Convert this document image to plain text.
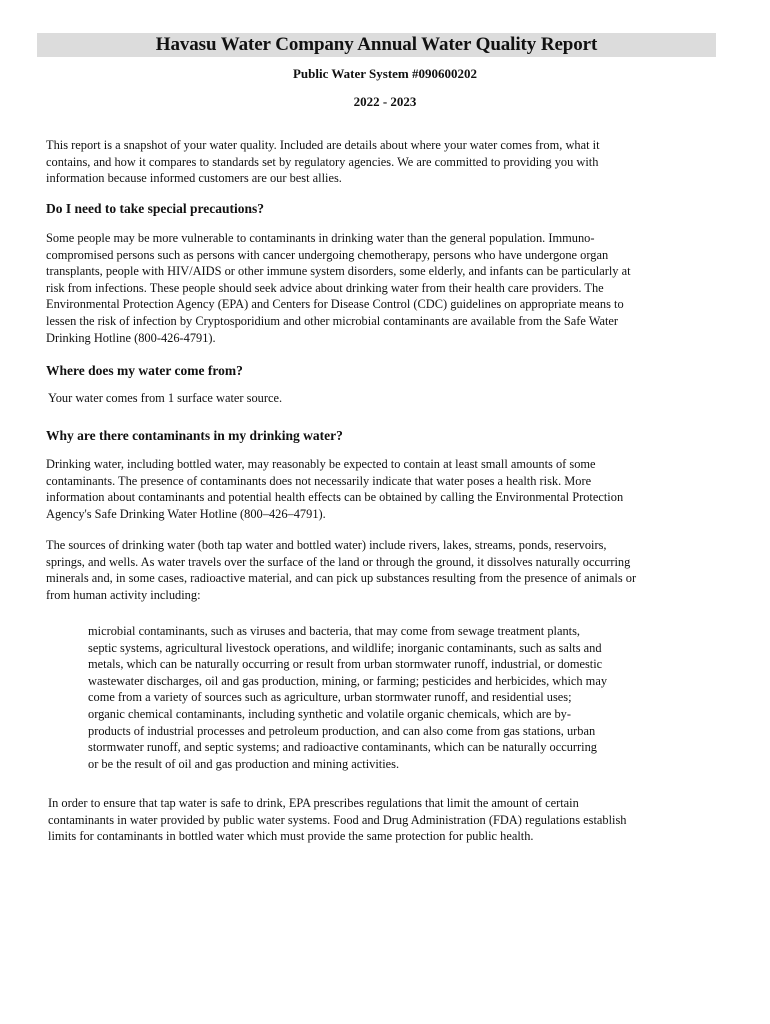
Havasu Water Company Annual Water Quality Report
Public Water System #090600202
2022 - 2023
This report is a snapshot of your water quality. Included are details about where your water comes from, what it
contains, and how it compares to standards set by regulatory agencies. We are committed to providing you with
information because informed customers are our best allies.
Do I need to take special precautions?
Some people may be more vulnerable to contaminants in drinking water than the general population. Immuno-
compromised persons such as persons with cancer undergoing chemotherapy, persons who have undergone organ
transplants, people with HIV/AIDS or other immune system disorders, some elderly, and infants can be particularly at
risk from infections. These people should seek advice about drinking water from their health care providers. The
Environmental Protection Agency (EPA) and Centers for Disease Control (CDC) guidelines on appropriate means to
lessen the risk of infection by Cryptosporidium and other microbial contaminants are available from the Safe Water
Drinking Hotline (800-426-4791).
Where does my water come from?
Your water comes from 1 surface water source.
Why are there contaminants in my drinking water?
Drinking water, including bottled water, may reasonably be expected to contain at least small amounts of some
contaminants. The presence of contaminants does not necessarily indicate that water poses a health risk. More
information about contaminants and potential health effects can be obtained by calling the Environmental Protection
Agency's Safe Drinking Water Hotline (800–426–4791).
The sources of drinking water (both tap water and bottled water) include rivers, lakes, streams, ponds, reservoirs,
springs, and wells. As water travels over the surface of the land or through the ground, it dissolves naturally occurring
minerals and, in some cases, radioactive material, and can pick up substances resulting from the presence of animals or
from human activity including:
microbial contaminants, such as viruses and bacteria, that may come from sewage treatment plants,
septic systems, agricultural livestock operations, and wildlife; inorganic contaminants, such as salts and
metals, which can be naturally occurring or result from urban stormwater runoff, industrial, or domestic
wastewater discharges, oil and gas production, mining, or farming; pesticides and herbicides, which may
come from a variety of sources such as agriculture, urban stormwater runoff, and residential uses;
organic chemical contaminants, including synthetic and volatile organic chemicals, which are by-
products of industrial processes and petroleum production, and can also come from gas stations, urban
stormwater runoff, and septic systems; and radioactive contaminants, which can be naturally occurring
or be the result of oil and gas production and mining activities.
In order to ensure that tap water is safe to drink, EPA prescribes regulations that limit the amount of certain
contaminants in water provided by public water systems. Food and Drug Administration (FDA) regulations establish
limits for contaminants in bottled water which must provide the same protection for public health.
